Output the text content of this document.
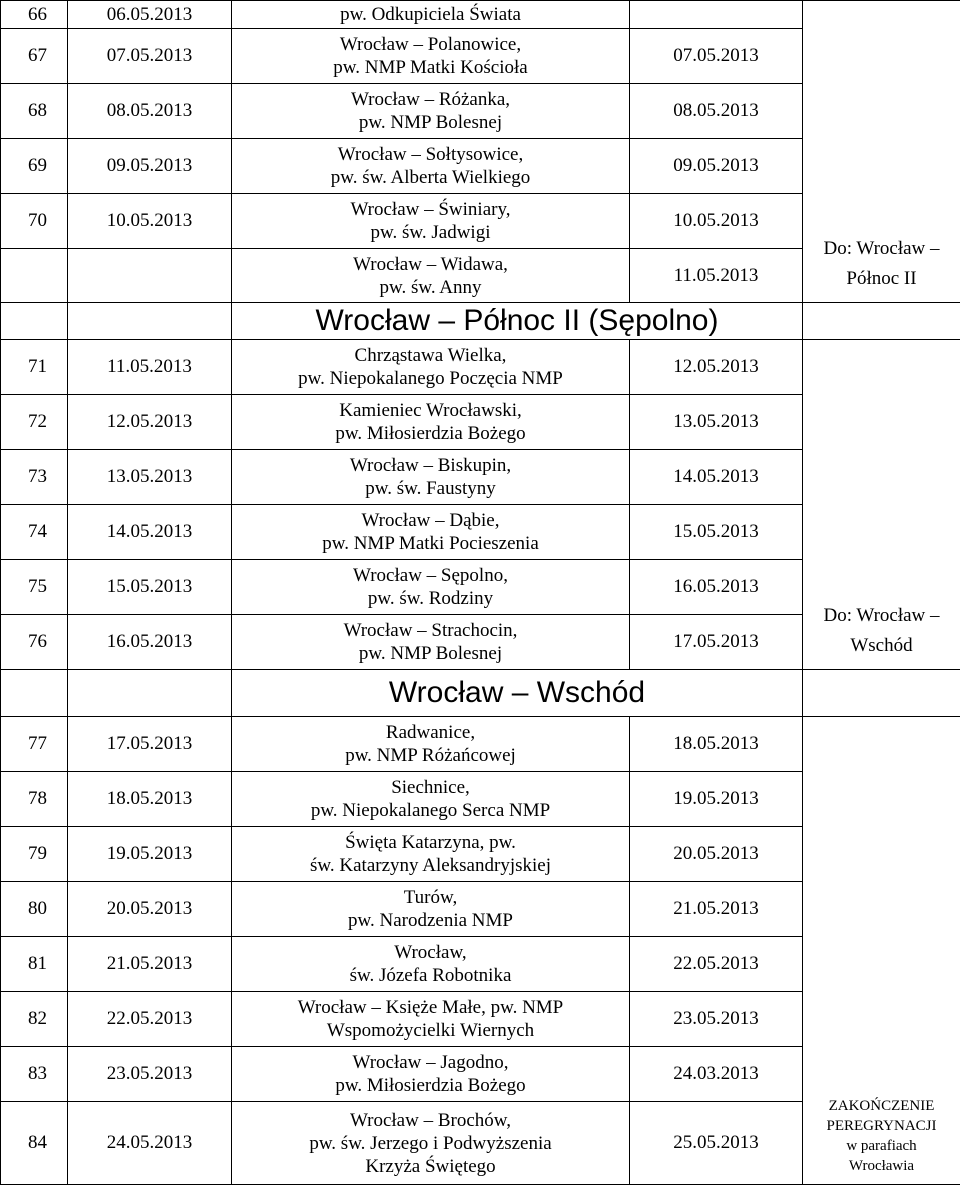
66	06.05.2013	pw. Odkupiciela Świata		Do: Wrocław –
Północ II

67	07.05.2013	Wrocław – Polanowice,
pw. NMP Matki Kościoła	07.05.2013	
68	08.05.2013	Wrocław – Różanka,
pw. NMP Bolesnej	08.05.2013	
69	09.05.2013	Wrocław – Sołtysowice,
pw. św. Alberta Wielkiego	09.05.2013	
70	10.05.2013	Wrocław – Świniary,
pw. św. Jadwigi	10.05.2013	

		Wrocław – Widawa,
pw. św. Anny	11.05.2013	
		Wrocław – Północ II (Sępolno)		
71	11.05.2013	Chrząstawa Wielka,
pw. Niepokalanego Poczęcia NMP	12.05.2013	Do: Wrocław –
Wschód

72	12.05.2013	Kamieniec Wrocławski,
pw. Miłosierdzia Bożego	13.05.2013	
73	13.05.2013	Wrocław – Biskupin,
pw. św. Faustyny	14.05.2013	
74	14.05.2013	Wrocław – Dąbie,
pw. NMP Matki Pocieszenia	15.05.2013	
75	15.05.2013	Wrocław – Sępolno,
pw. św. Rodziny	16.05.2013	
76	16.05.2013	Wrocław – Strachocin,
pw. NMP Bolesnej	17.05.2013	
		Wrocław – Wschód		
77	17.05.2013	Radwanice,
pw. NMP Różańcowej	18.05.2013	ZAKOŃCZENIE
PEREGRYNACJI
w parafiach
Wrocławia

78	18.05.2013	Siechnice,
pw. Niepokalanego Serca NMP	19.05.2013	
79	19.05.2013	Święta Katarzyna, pw.
św. Katarzyny Aleksandryjskiej	20.05.2013	
80	20.05.2013	Turów,
pw. Narodzenia NMP	21.05.2013	
81	21.05.2013	Wrocław,
św. Józefa Robotnika	22.05.2013	
82	22.05.2013	Wrocław – Księże Małe, pw. NMP
Wspomożycielki Wiernych	23.05.2013	
83	23.05.2013	Wrocław – Jagodno,
pw. Miłosierdzia Bożego	24.03.2013	
84	24.05.2013	Wrocław – Brochów,
pw. św. Jerzego i Podwyższenia
Krzyża Świętego	25.05.2013	
